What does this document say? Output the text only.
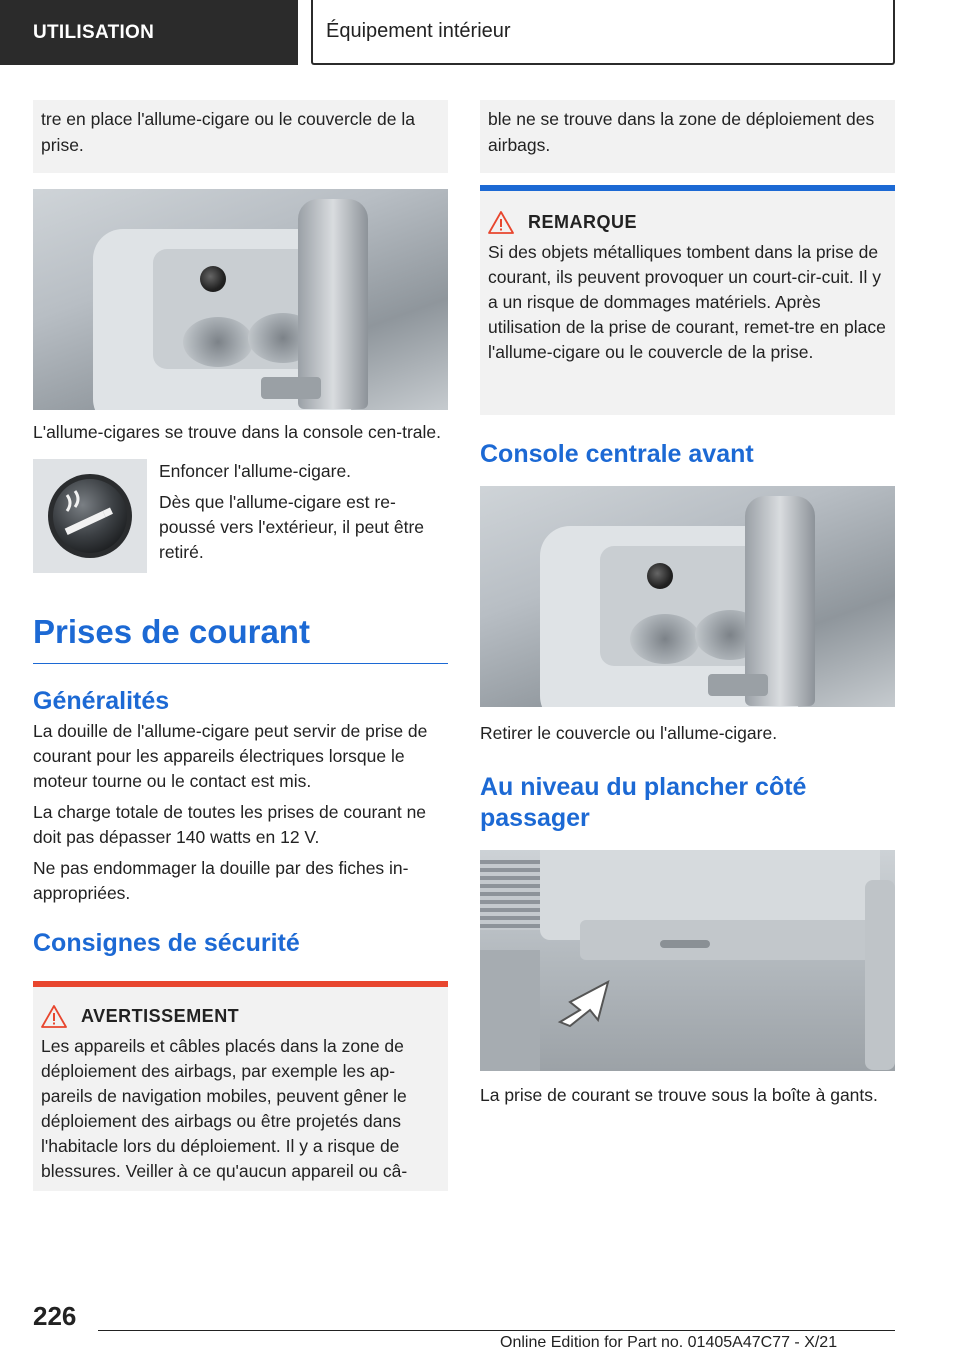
UTILISATION	Équipement intérieur
tre en place l'allume-cigare ou le couvercle de la prise.

L'allume-cigares se trouve dans la console cen-trale.

Enfoncer l'allume-cigare.

Dès que l'allume-cigare est re-poussé vers l'extérieur, il peut être retiré.

Prises de courant
Généralités

La douille de l'allume-cigare peut servir de prise de courant pour les appareils électriques lorsque le moteur tourne ou le contact est mis.

La charge totale de toutes les prises de courant ne doit pas dépasser 140 watts en 12 V.

Ne pas endommager la douille par des fiches in-appropriées.

Consignes de sécurité
AVERTISSEMENT

Les appareils et câbles placés dans la zone de déploiement des airbags, par exemple les ap-pareils de navigation mobiles, peuvent gêner le déploiement des airbags ou être projetés dans l'habitacle lors du déploiement. Il y a risque de blessures. Veiller à ce qu'aucun appareil ou câ-

ble ne se trouve dans la zone de déploiement des airbags.
REMARQUE

Si des objets métalliques tombent dans la prise de courant, ils peuvent provoquer un court-cir-cuit. Il y a un risque de dommages matériels. Après utilisation de la prise de courant, remet-tre en place l'allume-cigare ou le couvercle de la prise.

Console centrale avant

Retirer le couvercle ou l'allume-cigare.

Au niveau du plancher côté passager

La prise de courant se trouve sous la boîte à gants.

226
Online Edition for Part no. 01405A47C77 - X/21
